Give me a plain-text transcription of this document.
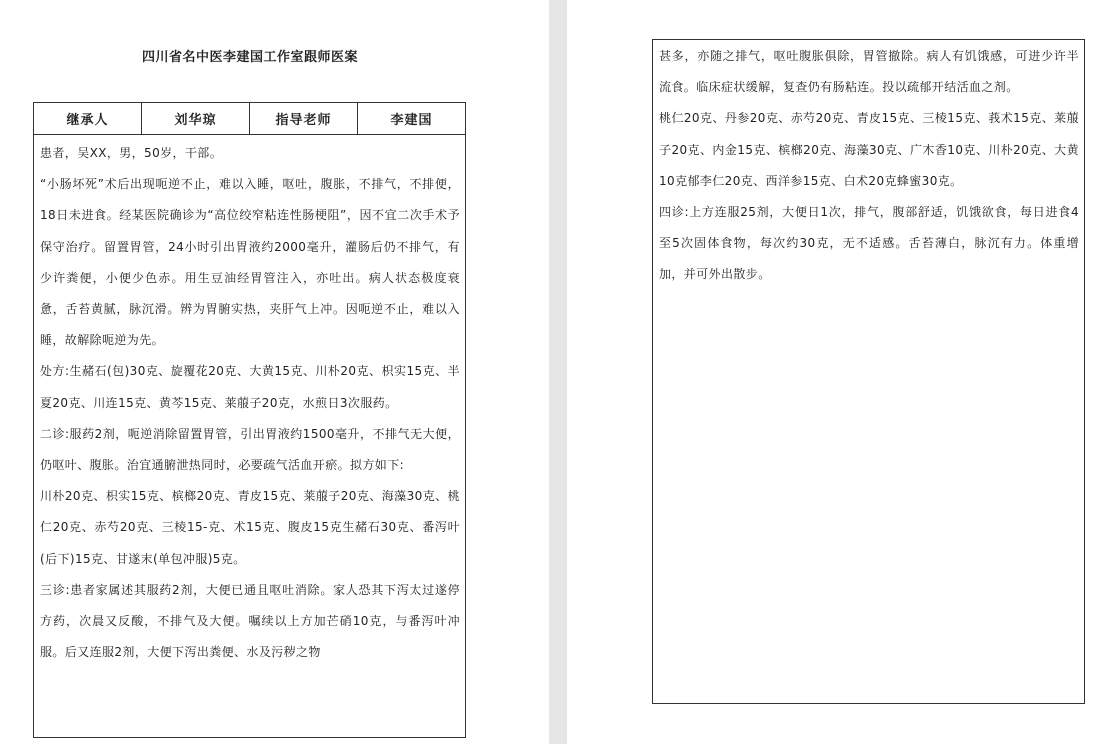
四川省名中医李建国工作室跟师医案
继承人	刘华琼	指导老师	李建国

患者，吴XX，男，50岁，干部。

“小肠坏死”术后出现呃逆不止，难以入睡，呕吐，腹胀，不排气，不排便，18日未进食。经某医院确诊为“高位绞窄粘连性肠梗阻”，因不宜二次手术予保守治疗。留置胃管，24小时引出胃液约2000毫升，灌肠后仍不排气，有少许粪便，小便少色赤。用生豆油经胃管注入，亦吐出。病人状态极度衰惫，舌苔黄腻，脉沉滑。辨为胃腑实热，夹肝气上冲。因呃逆不止，难以入睡，故解除呃逆为先。

处方:生赭石(包)30克、旋覆花20克、大黄15克、川朴20克、枳实15克、半夏20克、川连15克、黄芩15克、莱菔子20克，水煎日3次服药。

二诊:服药2剂，呃逆消除留置胃管，引出胃液约1500毫升，不排气无大便，仍呕叶、腹胀。治宜通腑泄热同时，必要疏气活血开瘀。拟方如下:

川朴20克、枳实15克、槟榔20克、青皮15克、莱菔子20克、海藻30克、桃仁20克、赤芍20克、三棱15-克、术15克、腹皮15克生赭石30克、番泻叶(后下)15克、甘遂末(单包冲服)5克。

三诊:患者家属述其服药2剂，大便已通且呕吐消除。家人恐其下泻太过遂停方药，次晨又反酸，不排气及大便。嘱续以上方加芒硝10克，与番泻叶冲服。后又连服2剂，大便下泻出粪便、水及污秽之物

甚多，亦随之排气，呕吐腹胀俱除，胃管撤除。病人有饥饿感，可进少许半流食。临床症状缓解，复查仍有肠粘连。投以疏郁开结活血之剂。

桃仁20克、丹参20克、赤芍20克、青皮15克、三棱15克、莪术15克、莱菔子20克、内金15克、槟榔20克、海藻30克、广木香10克、川朴20克、大黄10克郁李仁20克、西洋参15克、白术20克蜂蜜30克。

四诊:上方连服25剂，大便日1次，排气，腹部舒适，饥饿欲食，每日进食4至5次固体食物，每次约30克，无不适感。舌苔薄白，脉沉有力。体重增加，并可外出散步。
